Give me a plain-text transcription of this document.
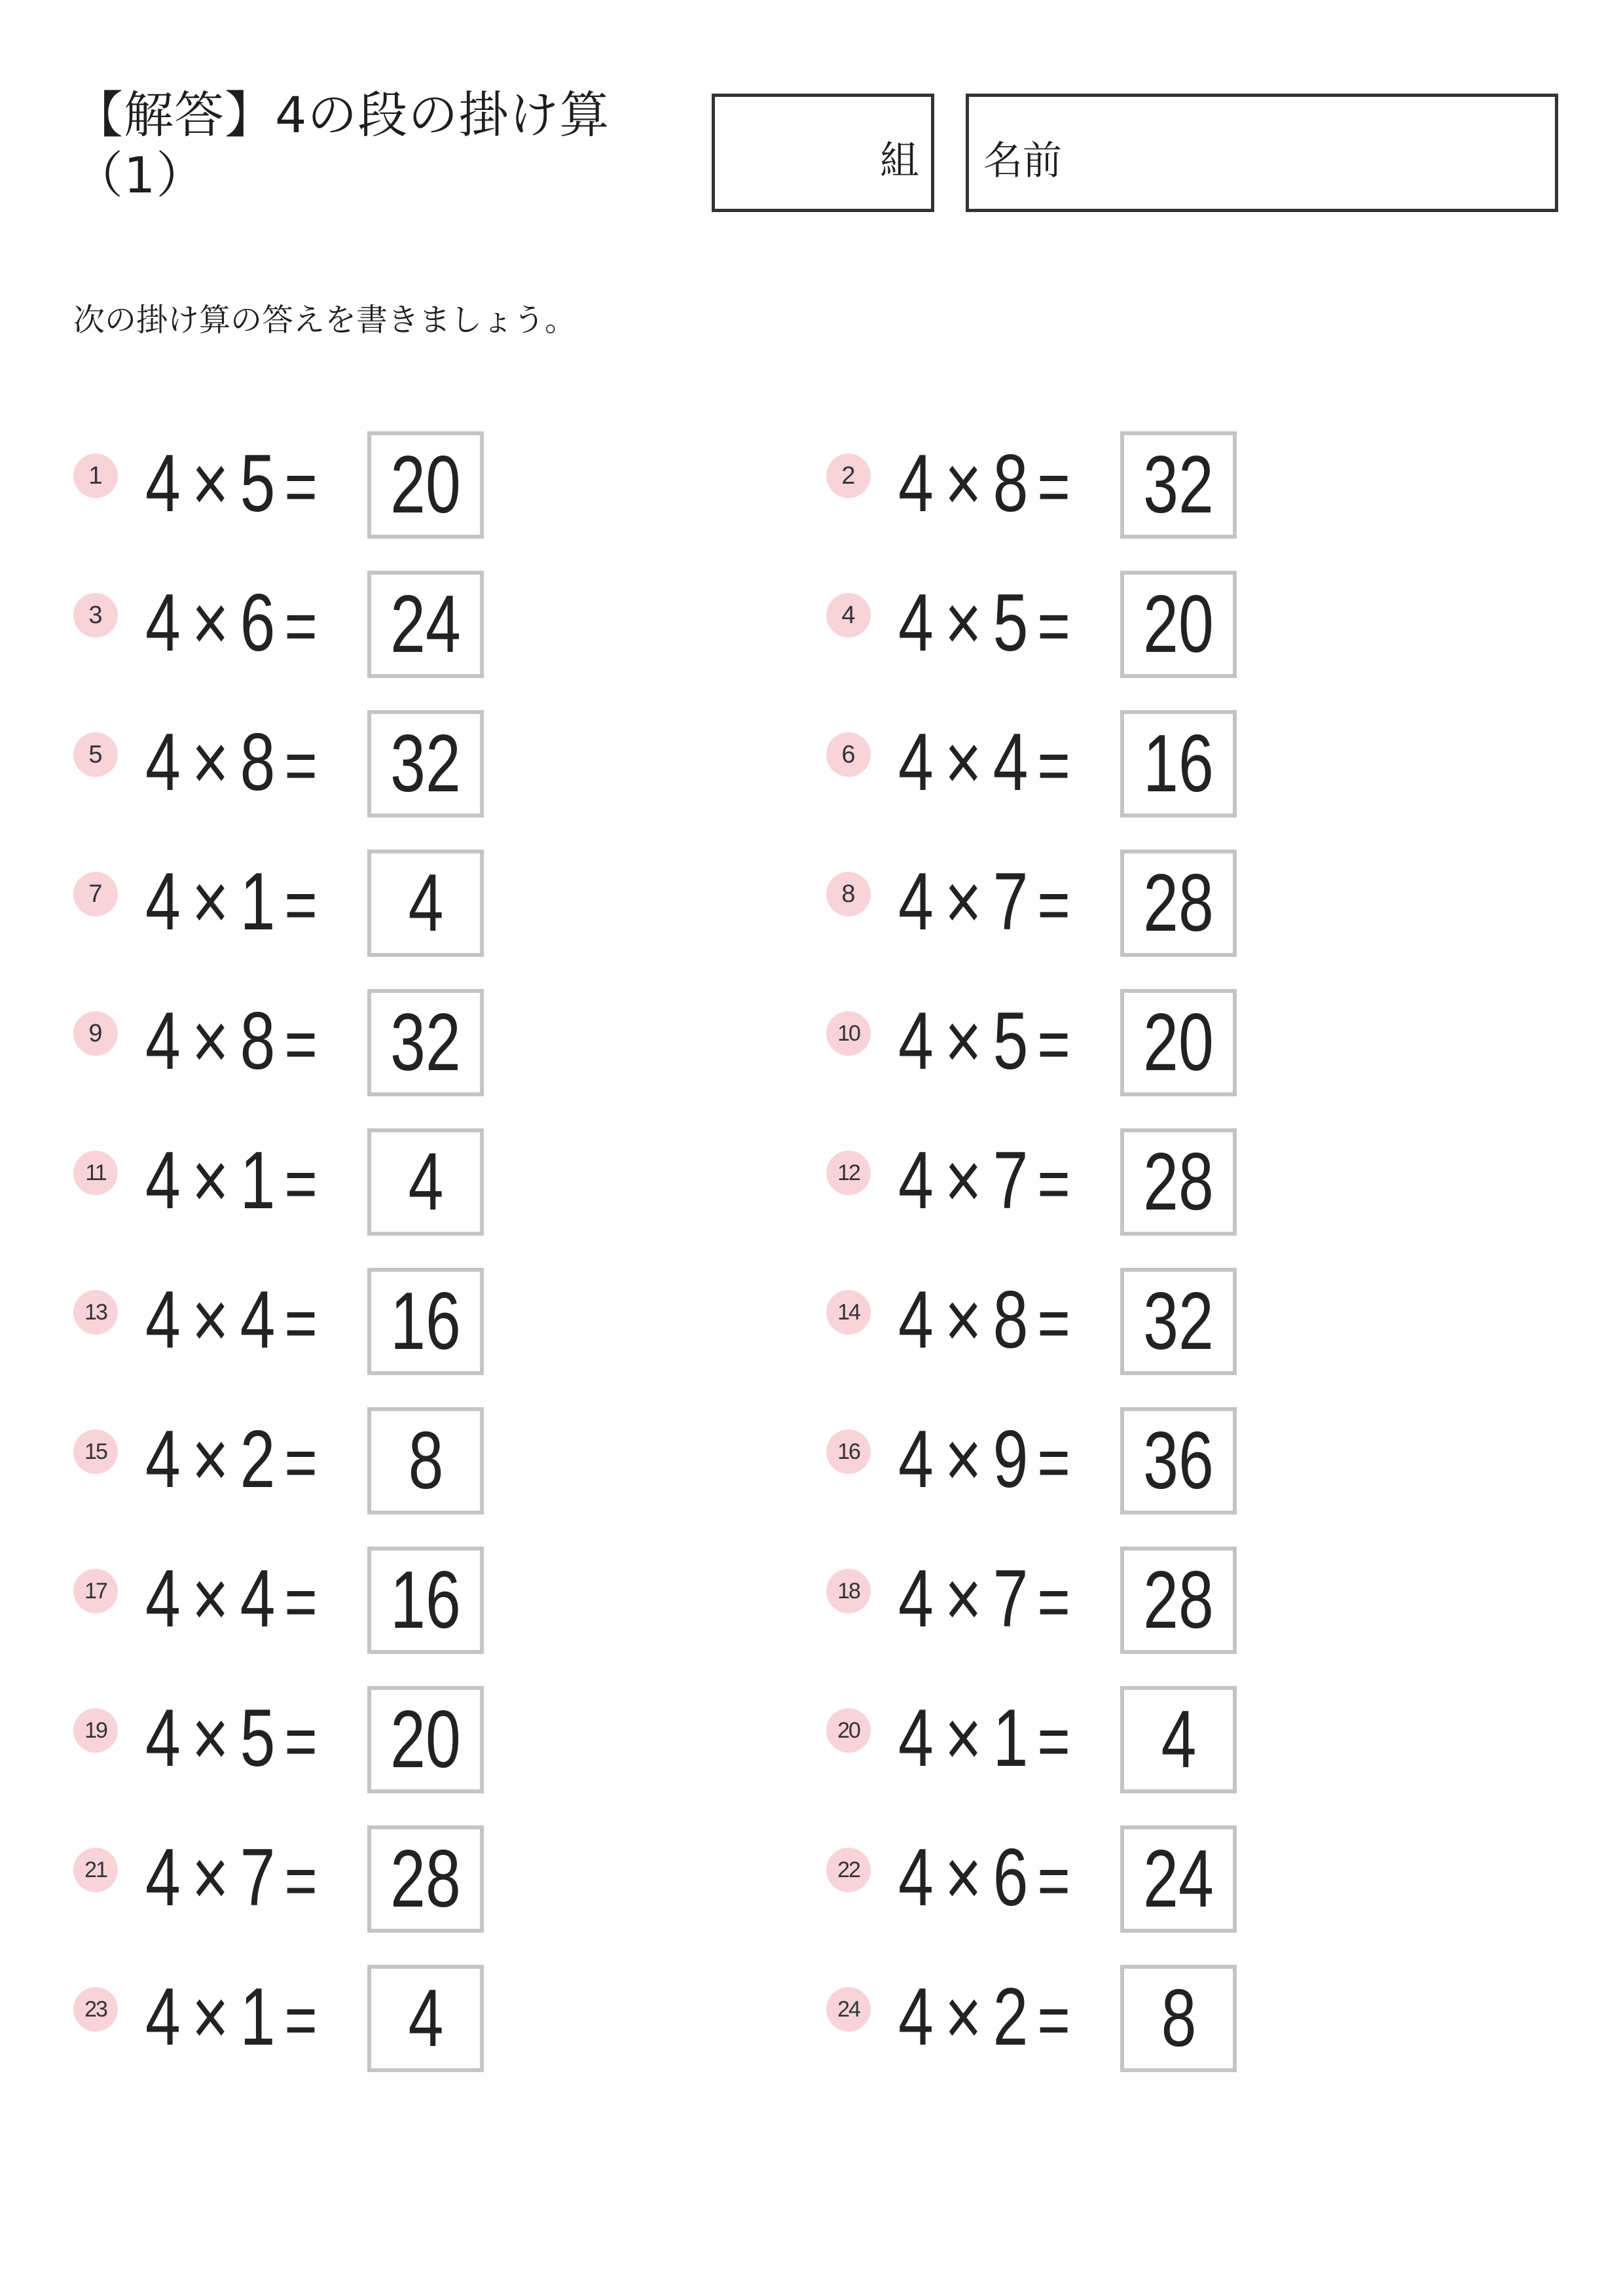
【解答】4の段の掛け算
（1）	組 名前

次の掛け算の答えを書きましょう。

1 4 × 5 = 20	2 4 × 8 = 32
3 4 × 6 = 24	4 4 × 5 = 20
5 4 × 8 = 32	6 4 × 4 = 16
7 4 × 1 =	4	8 4 × 7 = 28
9 4 × 8 = 32	10 4 × 5 = 20
11 4 × 1 =	4	12 4 × 7 = 28
13 4 × 4 = 16	14 4 × 8 = 32
15 4 × 2 =	8	16 4 × 9 = 36
17 4 × 4 = 16	18 4 × 7 = 28
19 4 × 5 = 20	20 4 × 1 =	4
21 4 × 7 = 28	22 4 × 6 = 24
23 4 × 1 =	4	24 4 × 2 =	8
